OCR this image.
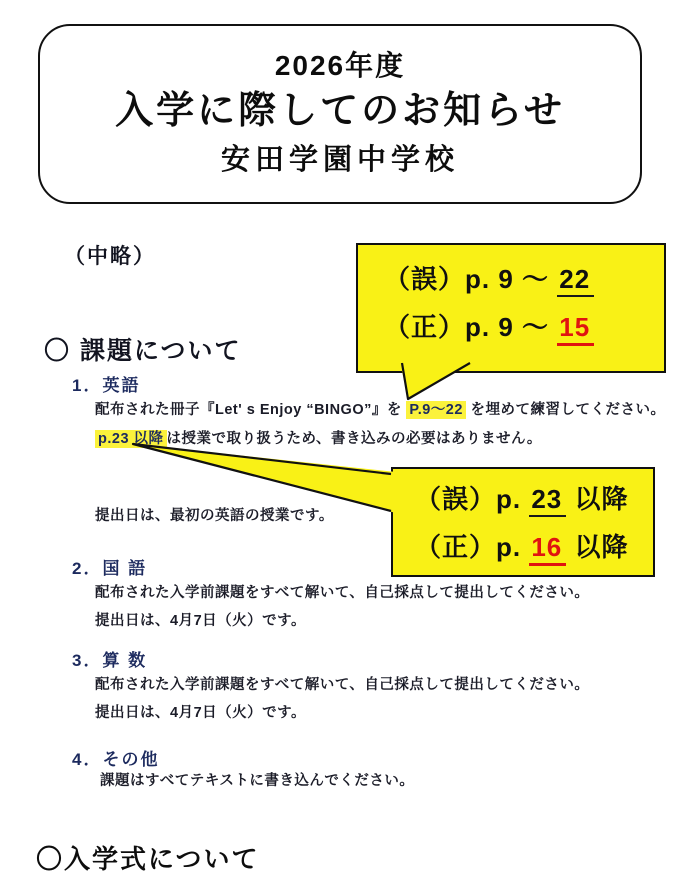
2026年度
入学に際してのお知らせ
安田学園中学校
（中略）
（誤）p. 9 ～ 22
（正）p. 9 ～ 15
〇 課題について
1．英語
配布された冊子『Let' s Enjoy “BINGO”』を P.9～22 を埋めて練習してください。
p.23 以降 は授業で取り扱うため、書き込みの必要はありません。
提出日は、最初の英語の授業です。
（誤）p. 23 以降
（正）p. 16 以降
2．国 語
配布された入学前課題をすべて解いて、自己採点して提出してください。
提出日は、4月7日（火）です。
3．算 数
配布された入学前課題をすべて解いて、自己採点して提出してください。
提出日は、4月7日（火）です。
4．その他
課題はすべてテキストに書き込んでください。
〇入学式について
